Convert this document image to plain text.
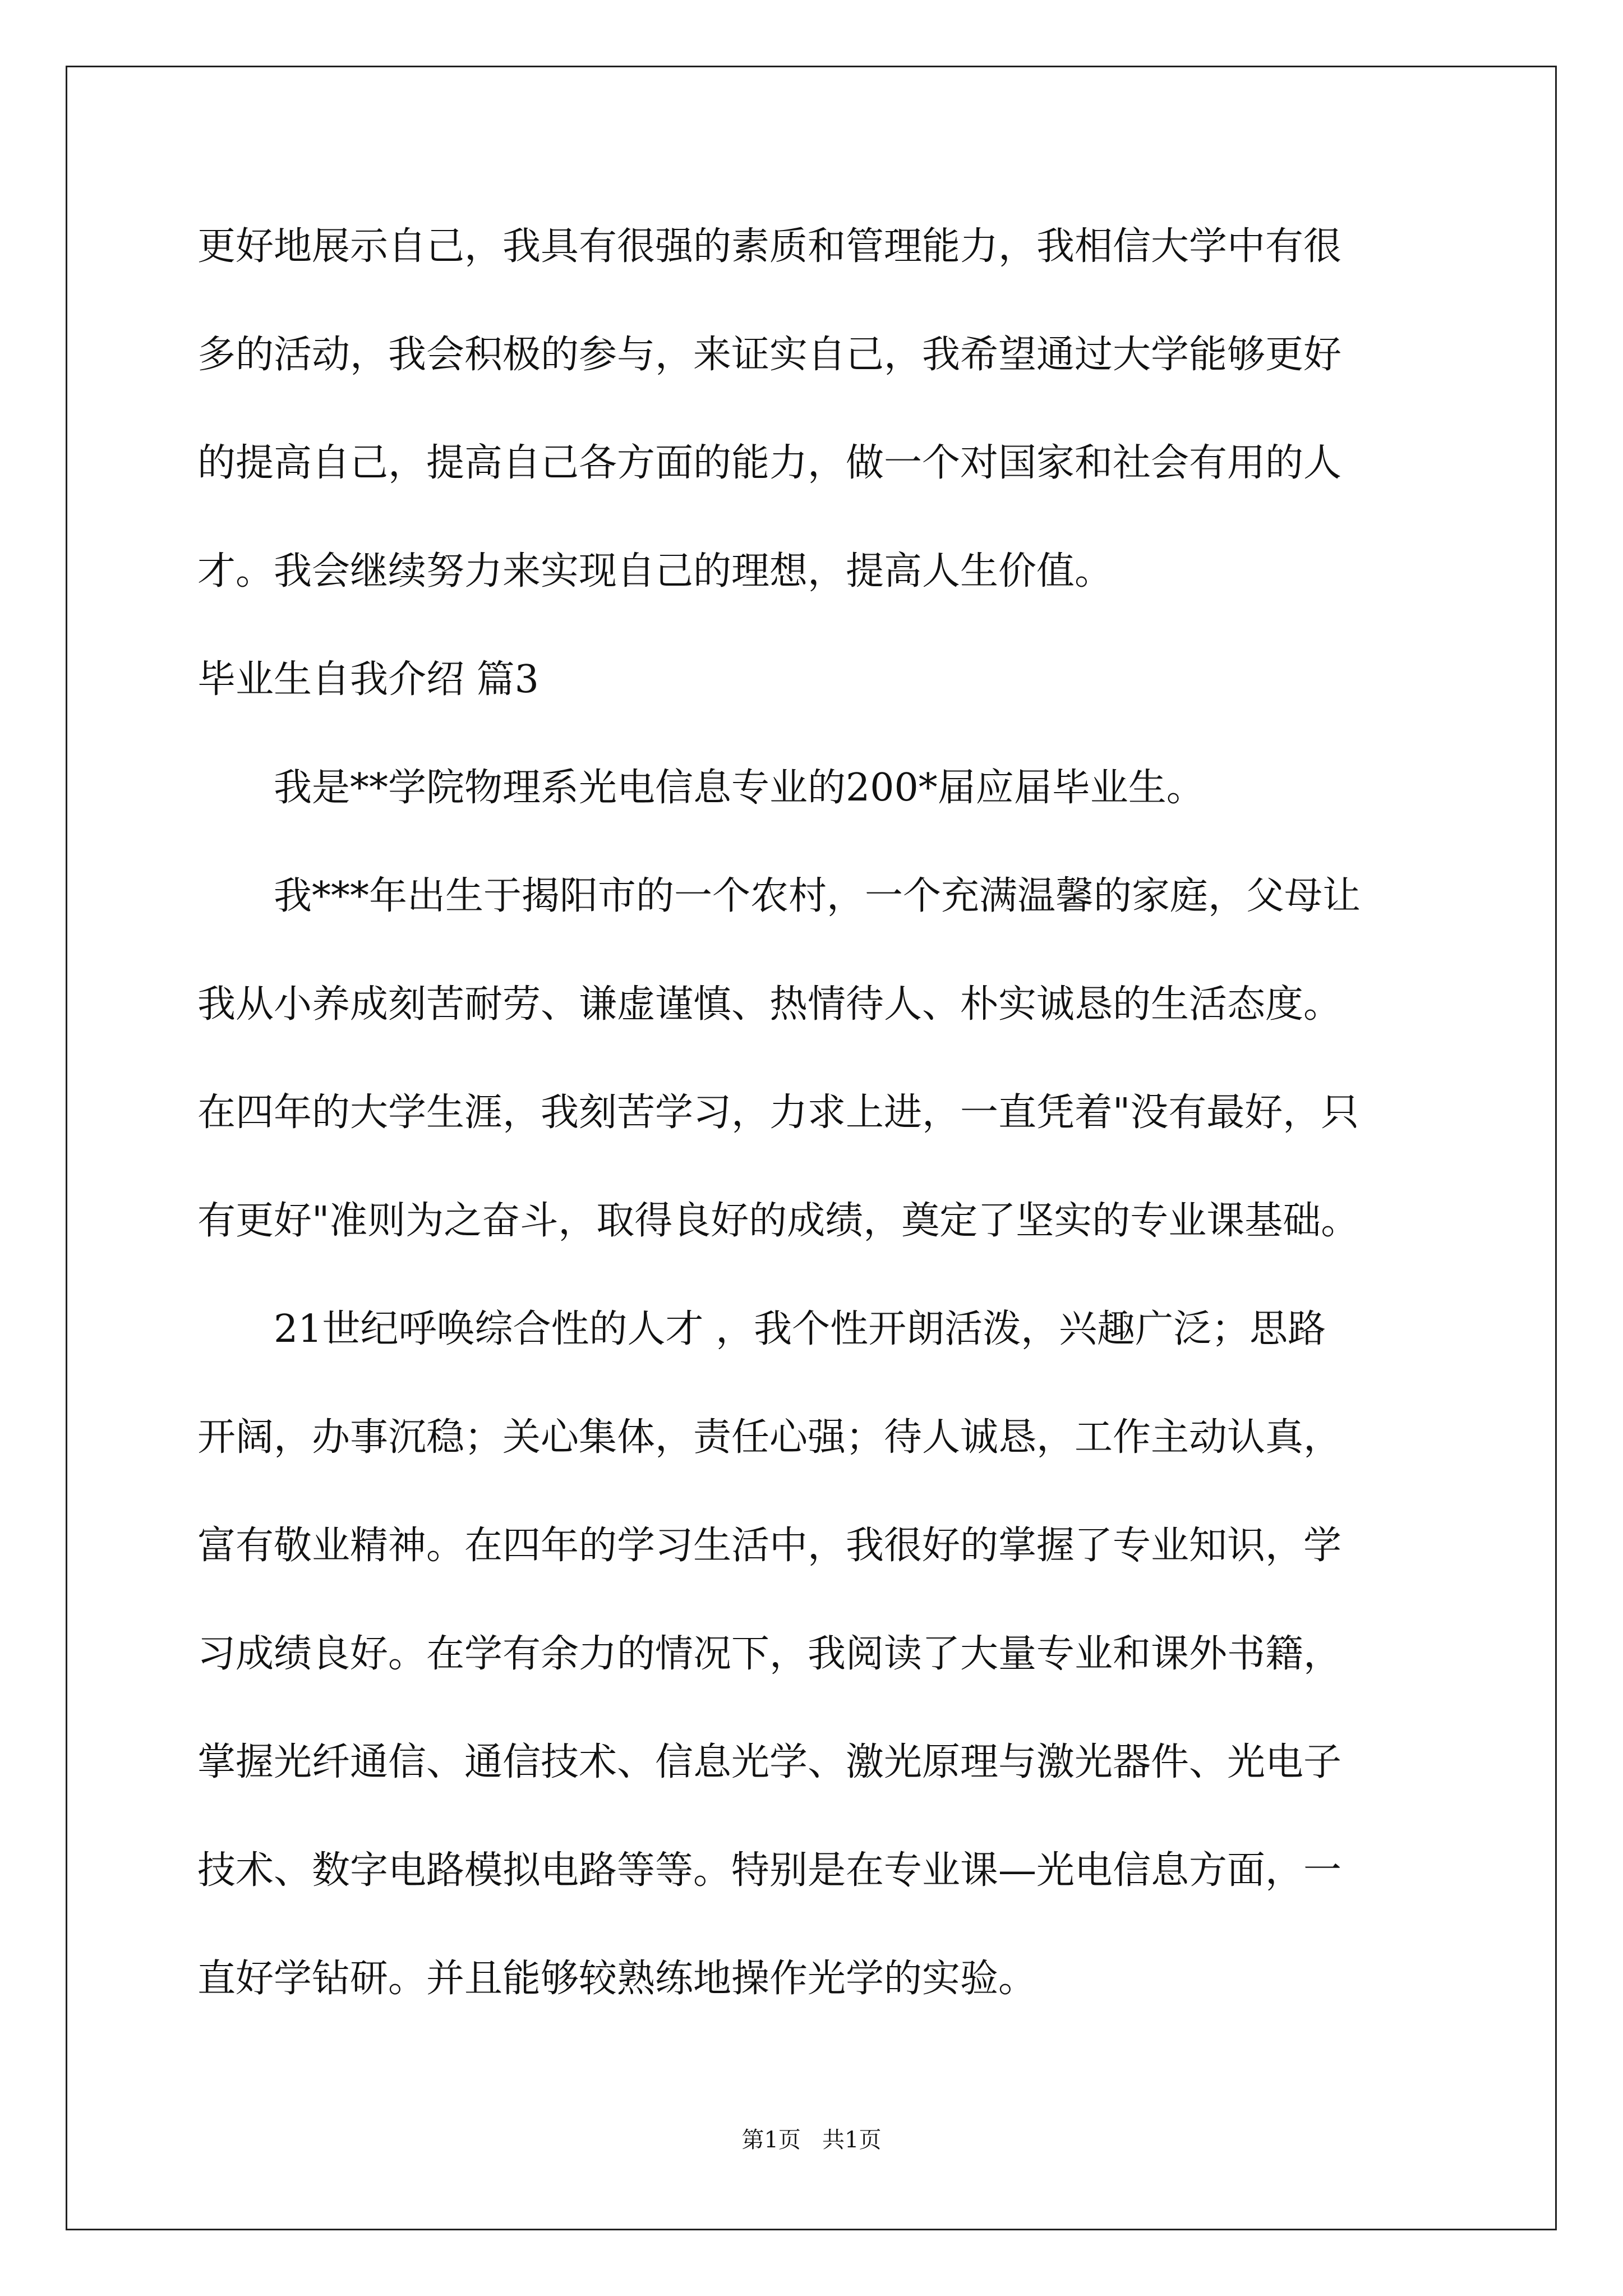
更好地展示自己，我具有很强的素质和管理能力，我相信大学中有很
多的活动，我会积极的参与，来证实自己，我希望通过大学能够更好
的提高自己，提高自己各方面的能力，做一个对国家和社会有用的人
才。我会继续努力来实现自己的理想，提高人生价值。
毕业生自我介绍 篇3
我是**学院物理系光电信息专业的200*届应届毕业生。
我***年出生于揭阳市的一个农村，一个充满温馨的家庭，父母让
我从小养成刻苦耐劳、谦虚谨慎、热情待人、朴实诚恳的生活态度。
在四年的大学生涯，我刻苦学习，力求上进，一直凭着"没有最好，只
有更好"准则为之奋斗，取得良好的成绩，奠定了坚实的专业课基础。
21世纪呼唤综合性的人才 ，我个性开朗活泼，兴趣广泛；思路
开阔，办事沉稳；关心集体，责任心强；待人诚恳，工作主动认真，
富有敬业精神。在四年的学习生活中，我很好的掌握了专业知识，学
习成绩良好。在学有余力的情况下，我阅读了大量专业和课外书籍，
掌握光纤通信、通信技术、信息光学、激光原理与激光器件、光电子
技术、数字电路模拟电路等等。特别是在专业课—光电信息方面，一
直好学钻研。并且能够较熟练地操作光学的实验。
第1页   共1页
